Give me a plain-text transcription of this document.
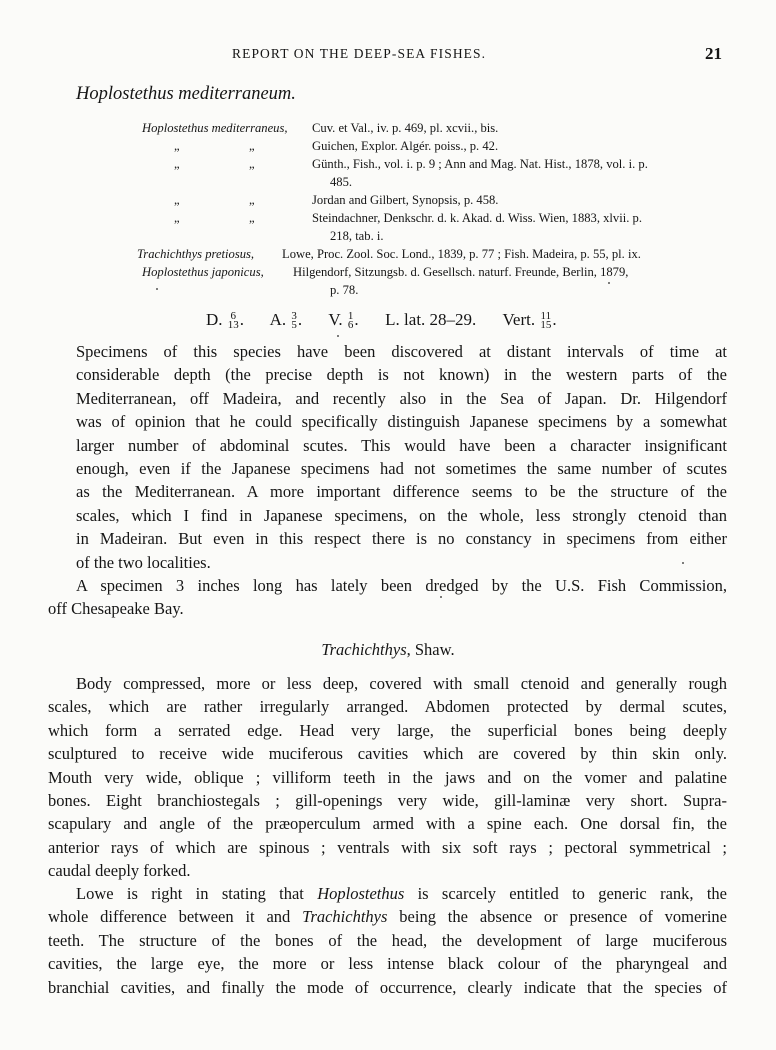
REPORT ON THE DEEP-SEA FISHES.	21
Hoplostethus mediterraneum.
Hoplostethus mediterraneus, Cuv. et Val., iv. p. 469, pl. xcvii., bis.
„	„	Guichen, Explor. Algér. poiss., p. 42.
„	„	Günth., Fish., vol. i. p. 9 ; Ann and Mag. Nat. Hist., 1878, vol. i. p.
485.
„	„	Jordan and Gilbert, Synopsis, p. 458.
„	„	Steindachner, Denkschr. d. k. Akad. d. Wiss. Wien, 1883, xlvii. p.
218, tab. i.
Trachichthys pretiosus, Lowe, Proc. Zool. Soc. Lond., 1839, p. 77 ; Fish. Madeira, p. 55, pl. ix.
Hoplostethus japonicus, Hilgendorf, Sitzungsb. d. Gesellsch. naturf. Freunde, Berlin, 1879,
p. 78.
D. 6
13 .  A. 3
5 .  V. 1
6 .  L. lat. 28–29. Vert. 11
15 .
Specimens of this species have been discovered at distant intervals of time at
considerable depth (the precise depth is not known) in the western parts of the
Mediterranean, off Madeira, and recently also in the Sea of Japan. Dr. Hilgendorf
was of opinion that he could specifically distinguish Japanese specimens by a somewhat
larger number of abdominal scutes. This would have been a character insignificant
enough, even if the Japanese specimens had not sometimes the same number of scutes
as the Mediterranean. A more important difference seems to be the structure of the
scales, which I find in Japanese specimens, on the whole, less strongly ctenoid than
in Madeiran. But even in this respect there is no constancy in specimens from either
of the two localities.
A specimen 3 inches long has lately been dredged by the U.S. Fish Commission,
off Chesapeake Bay.
Trachichthys, Shaw.
Body compressed, more or less deep, covered with small ctenoid and generally rough
scales, which are rather irregularly arranged. Abdomen protected by dermal scutes,
which form a serrated edge. Head very large, the superficial bones being deeply
sculptured to receive wide muciferous cavities which are covered by thin skin only.
Mouth very wide, oblique ; villiform teeth in the jaws and on the vomer and palatine
bones. Eight branchiostegals ; gill-openings very wide, gill-laminæ very short. Supra-
scapulary and angle of the præoperculum armed with a spine each. One dorsal fin, the
anterior rays of which are spinous ; ventrals with six soft rays ; pectoral symmetrical ;
caudal deeply forked.
Lowe is right in stating that Hoplostethus is scarcely entitled to generic rank, the
whole difference between it and Trachichthys being the absence or presence of vomerine
teeth. The structure of the bones of the head, the development of large muciferous
cavities, the large eye, the more or less intense black colour of the pharyngeal and
branchial cavities, and finally the mode of occurrence, clearly indicate that the species of
